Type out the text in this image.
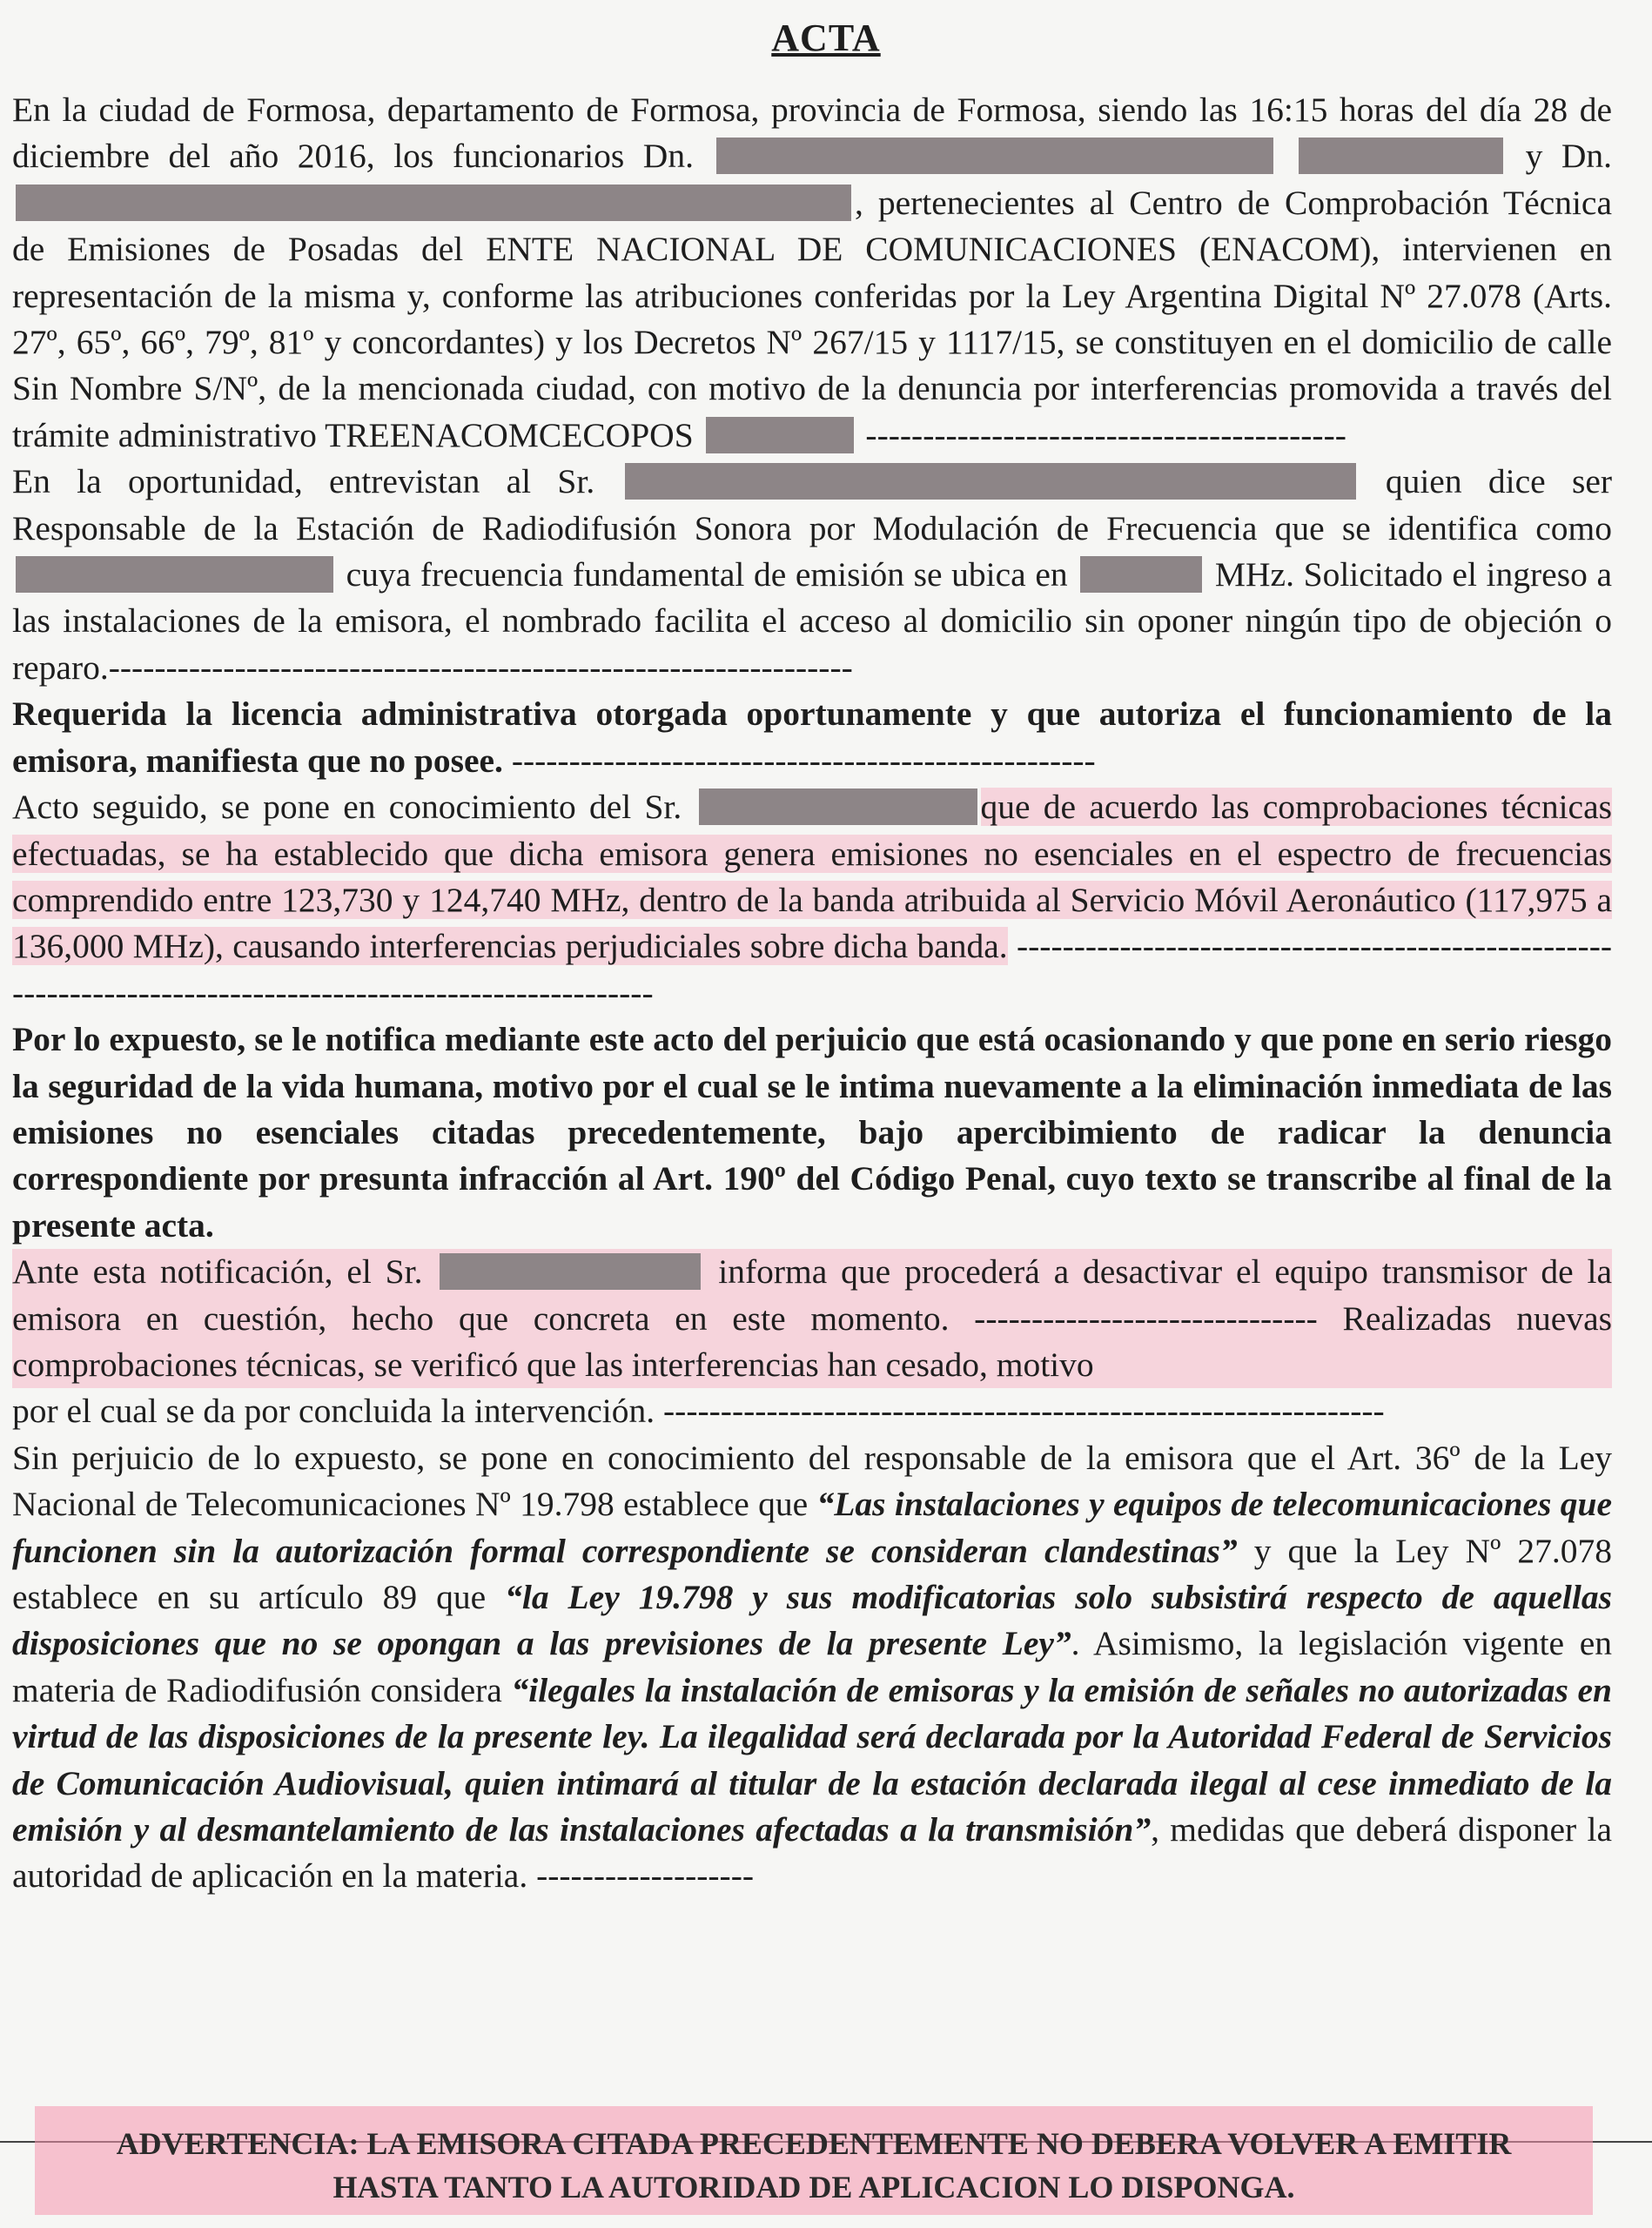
ACTA

En la ciudad de Formosa, departamento de Formosa, provincia de Formosa, siendo las 16:15 horas del día 28 de diciembre del año 2016, los funcionarios Dn.	y Dn. , pertenecientes al Centro de Comprobación Técnica de Emisiones de Posadas del ENTE NACIONAL DE COMUNICACIONES (ENACOM), intervienen en representación de la misma y, conforme las atribuciones conferidas por la Ley Argentina Digital Nº 27.078 (Arts. 27º, 65º, 66º, 79º, 81º y concordantes) y los Decretos Nº 267/15 y 1117/15, se constituyen en el domicilio de calle Sin Nombre S/Nº, de la mencionada ciudad, con motivo de la denuncia por interferencias promovida a través del trámite administrativo TREENACOMCECOPOS	------------------------------------------

En la oportunidad, entrevistan al Sr.	quien dice ser Responsable de la Estación de Radiodifusión Sonora por Modulación de Frecuencia que se identifica como  cuya frecuencia fundamental de emisión se ubica en	MHz. Solicitado el ingreso a las instalaciones de la emisora, el nombrado facilita el acceso al domicilio sin oponer ningún tipo de objeción o reparo.-----------------------------------------------------------------

Requerida la licencia administrativa otorgada oportunamente y que autoriza el funcionamiento de la emisora, manifiesta que no posee. ---------------------------------------------------

Acto seguido, se pone en conocimiento del Sr.	que de acuerdo las comprobaciones técnicas efectuadas, se ha establecido que dicha emisora genera emisiones no esenciales en el espectro de frecuencias comprendido entre 123,730 y 124,740 MHz, dentro de la banda atribuida al Servicio Móvil Aeronáutico (117,975 a 136,000 MHz), causando interferencias perjudiciales sobre dicha banda. ------------------------------------------------------------------------------------------------------------

Por lo expuesto, se le notifica mediante este acto del perjuicio que está ocasionando y que pone en serio riesgo la seguridad de la vida humana, motivo por el cual se le intima nuevamente a la eliminación inmediata de las emisiones no esenciales citadas precedentemente, bajo apercibimiento de radicar la denuncia correspondiente por presunta infracción al Art. 190º del Código Penal, cuyo texto se transcribe al final de la presente acta.

Ante esta notificación, el Sr.	informa que procederá a desactivar el equipo transmisor de la emisora en cuestión, hecho que concreta en este momento. ------------------------------ Realizadas nuevas comprobaciones técnicas, se verificó que las interferencias han cesado, motivo

por el cual se da por concluida la intervención. ---------------------------------------------------------------

Sin perjuicio de lo expuesto, se pone en conocimiento del responsable de la emisora que el Art. 36º de la Ley Nacional de Telecomunicaciones Nº 19.798 establece que “Las instalaciones y equipos de telecomunicaciones que funcionen sin la autorización formal correspondiente se consideran clandestinas” y que la Ley Nº 27.078 establece en su artículo 89 que “la Ley 19.798 y sus modificatorias solo subsistirá respecto de aquellas disposiciones que no se opongan a las previsiones de la presente Ley”. Asimismo, la legislación vigente en materia de Radiodifusión considera “ilegales la instalación de emisoras y la emisión de señales no autorizadas en virtud de las disposiciones de la presente ley. La ilegalidad será declarada por la Autoridad Federal de Servicios de Comunicación Audiovisual, quien intimará al titular de la estación declarada ilegal al cese inmediato de la emisión y al desmantelamiento de las instalaciones afectadas a la transmisión”, medidas que deberá disponer la autoridad de aplicación en la materia. -------------------

ADVERTENCIA: LA EMISORA CITADA PRECEDENTEMENTE NO DEBERA VOLVER A EMITIR
HASTA TANTO LA AUTORIDAD DE APLICACION LO DISPONGA.
